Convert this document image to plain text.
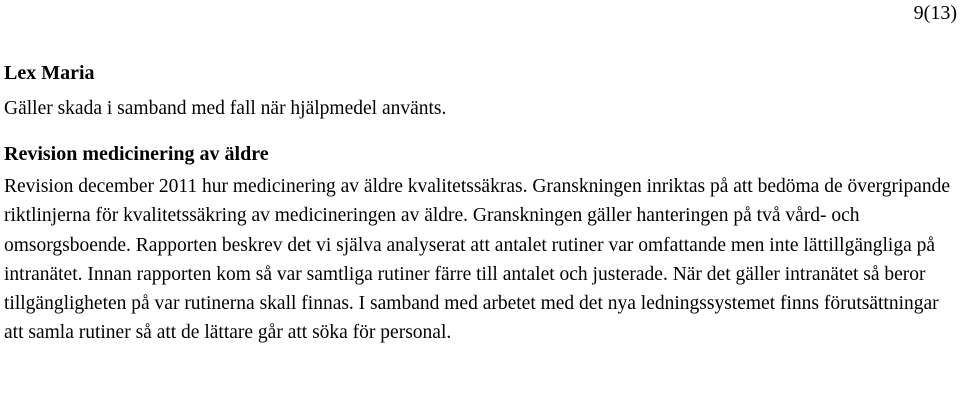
9(13)
Lex Maria
Gäller skada i samband med fall när hjälpmedel använts.
Revision medicinering av äldre
Revision december 2011 hur medicinering av äldre kvalitetssäkras. Granskningen inriktas på att bedöma de övergripande riktlinjerna för kvalitetssäkring av medicineringen av äldre. Granskningen gäller hanteringen på två vård- och omsorgsboende. Rapporten beskrev det vi själva analyserat att antalet rutiner var omfattande men inte lättillgängliga på intranätet. Innan rapporten kom så var samtliga rutiner färre till antalet och justerade. När det gäller intranätet så beror tillgängligheten på var rutinerna skall finnas. I samband med arbetet med det nya ledningssystemet finns förutsättningar att samla rutiner så att de lättare går att söka för personal.
